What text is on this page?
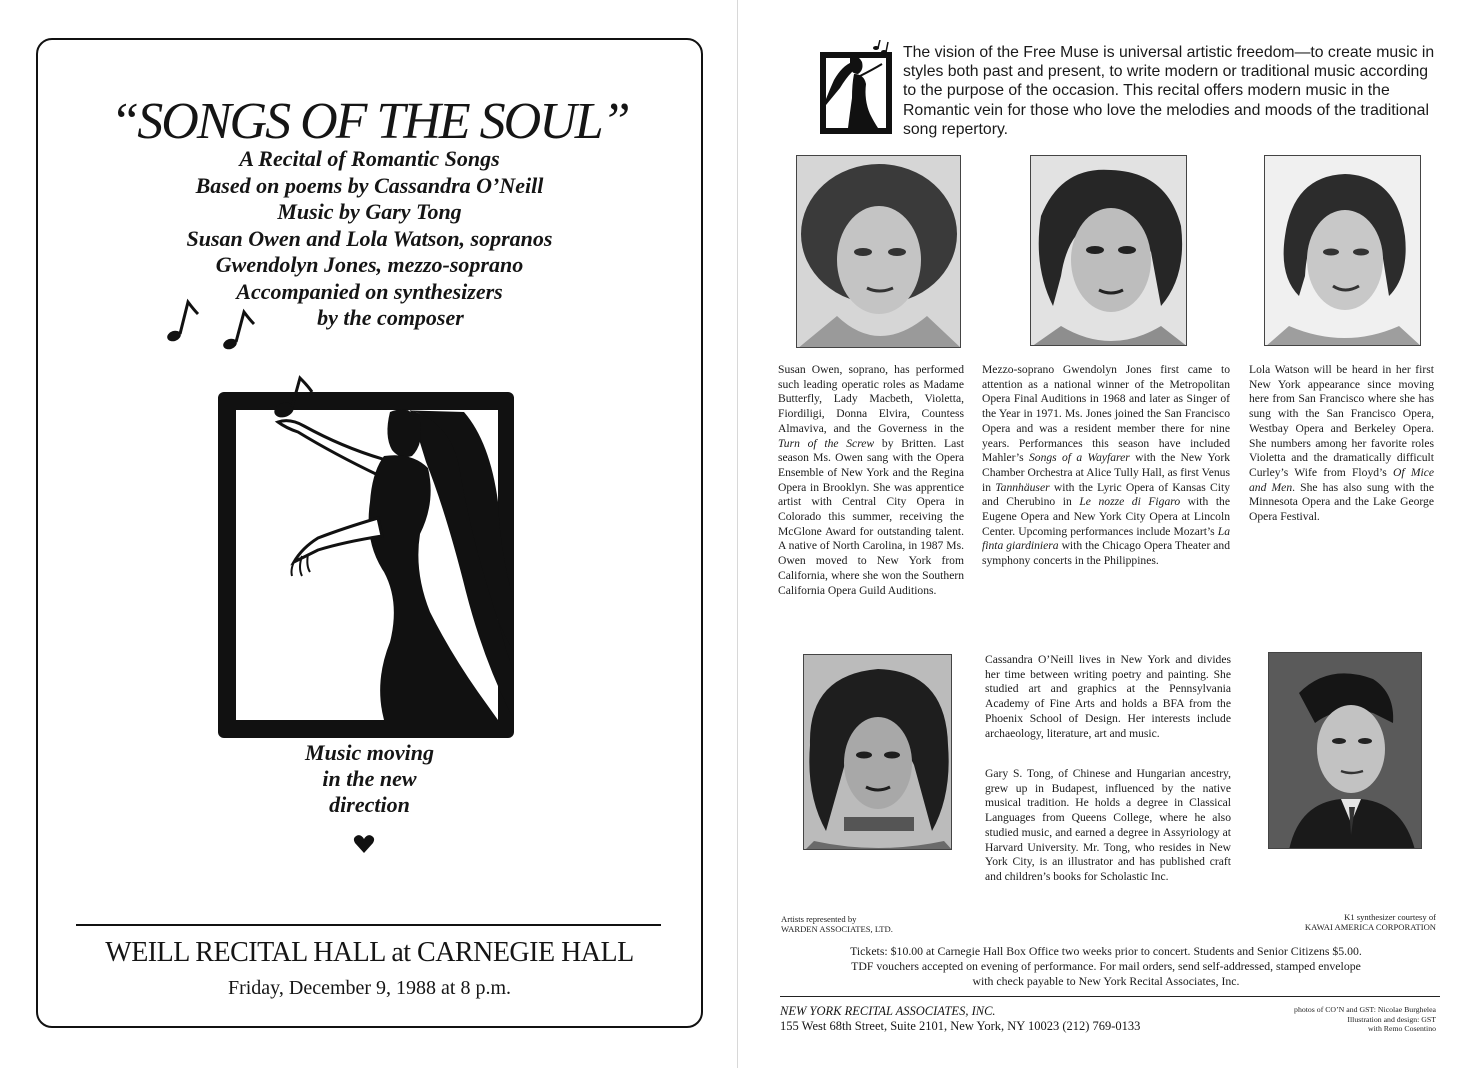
“SONGS OF THE SOUL”
A Recital of Romantic Songs
Based on poems by Cassandra O’Neill
Music by Gary Tong
Susan Owen and Lola Watson, sopranos
Gwendolyn Jones, mezzo-soprano
Accompanied on synthesizers
by the composer
Music moving
in the new
direction
WEILL RECITAL HALL at CARNEGIE HALL
Friday, December 9, 1988 at 8 p.m.
The vision of the Free Muse is universal artistic freedom—to create music in styles both past and present, to write modern or traditional music according to the purpose of the occasion. This recital offers modern music in the Romantic vein for those who love the melodies and moods of the traditional song repertory.
Susan Owen, soprano, has performed such leading operatic roles as Madame Butterfly, Lady Macbeth, Violetta, Fiordiligi, Donna Elvira, Countess Almaviva, and the Governess in the Turn of the Screw by Britten. Last season Ms. Owen sang with the Opera Ensemble of New York and the Regina Opera in Brooklyn. She was apprentice artist with Central City Opera in Colorado this summer, receiving the McGlone Award for outstanding talent. A native of North Carolina, in 1987 Ms. Owen moved to New York from California, where she won the Southern California Opera Guild Auditions.
Mezzo-soprano Gwendolyn Jones first came to attention as a national winner of the Metropolitan Opera Final Auditions in 1968 and later as Singer of the Year in 1971. Ms. Jones joined the San Francisco Opera and was a resident member there for nine years. Performances this season have included Mahler’s Songs of a Wayfarer with the New York Chamber Orchestra at Alice Tully Hall, as first Venus in Tannhäuser with the Lyric Opera of Kansas City and Cherubino in Le nozze di Figaro with the Eugene Opera and New York City Opera at Lincoln Center. Upcoming performances include Mozart’s La finta giardiniera with the Chicago Opera Theater and symphony concerts in the Philippines.
Lola Watson will be heard in her first New York appearance since moving here from San Francisco where she has sung with the San Francisco Opera, Westbay Opera and Berkeley Opera. She numbers among her favorite roles Violetta and the dramatically difficult Curley’s Wife from Floyd’s Of Mice and Men. She has also sung with the Minnesota Opera and the Lake George Opera Festival.
Cassandra O’Neill lives in New York and divides her time between writing poetry and painting. She studied art and graphics at the Pennsylvania Academy of Fine Arts and holds a BFA from the Phoenix School of Design. Her interests include archaeology, literature, art and music.
Gary S. Tong, of Chinese and Hungarian ancestry, grew up in Budapest, influenced by the native musical tradition. He holds a degree in Classical Languages from Queens College, where he also studied music, and earned a degree in Assyriology at Harvard University. Mr. Tong, who resides in New York City, is an illustrator and has published craft and children’s books for Scholastic Inc.
Artists represented by
WARDEN ASSOCIATES, LTD.
K1 synthesizer courtesy of
KAWAI AMERICA CORPORATION
Tickets: $10.00 at Carnegie Hall Box Office two weeks prior to concert. Students and Senior Citizens $5.00.
TDF vouchers accepted on evening of performance. For mail orders, send self-addressed, stamped envelope
with check payable to New York Recital Associates, Inc.
NEW YORK RECITAL ASSOCIATES, INC.
155 West 68th Street, Suite 2101, New York, NY 10023 (212) 769-0133
photos of CO’N and GST: Nicolae Burghelea
Illustration and design: GST
with Remo Cosentino
